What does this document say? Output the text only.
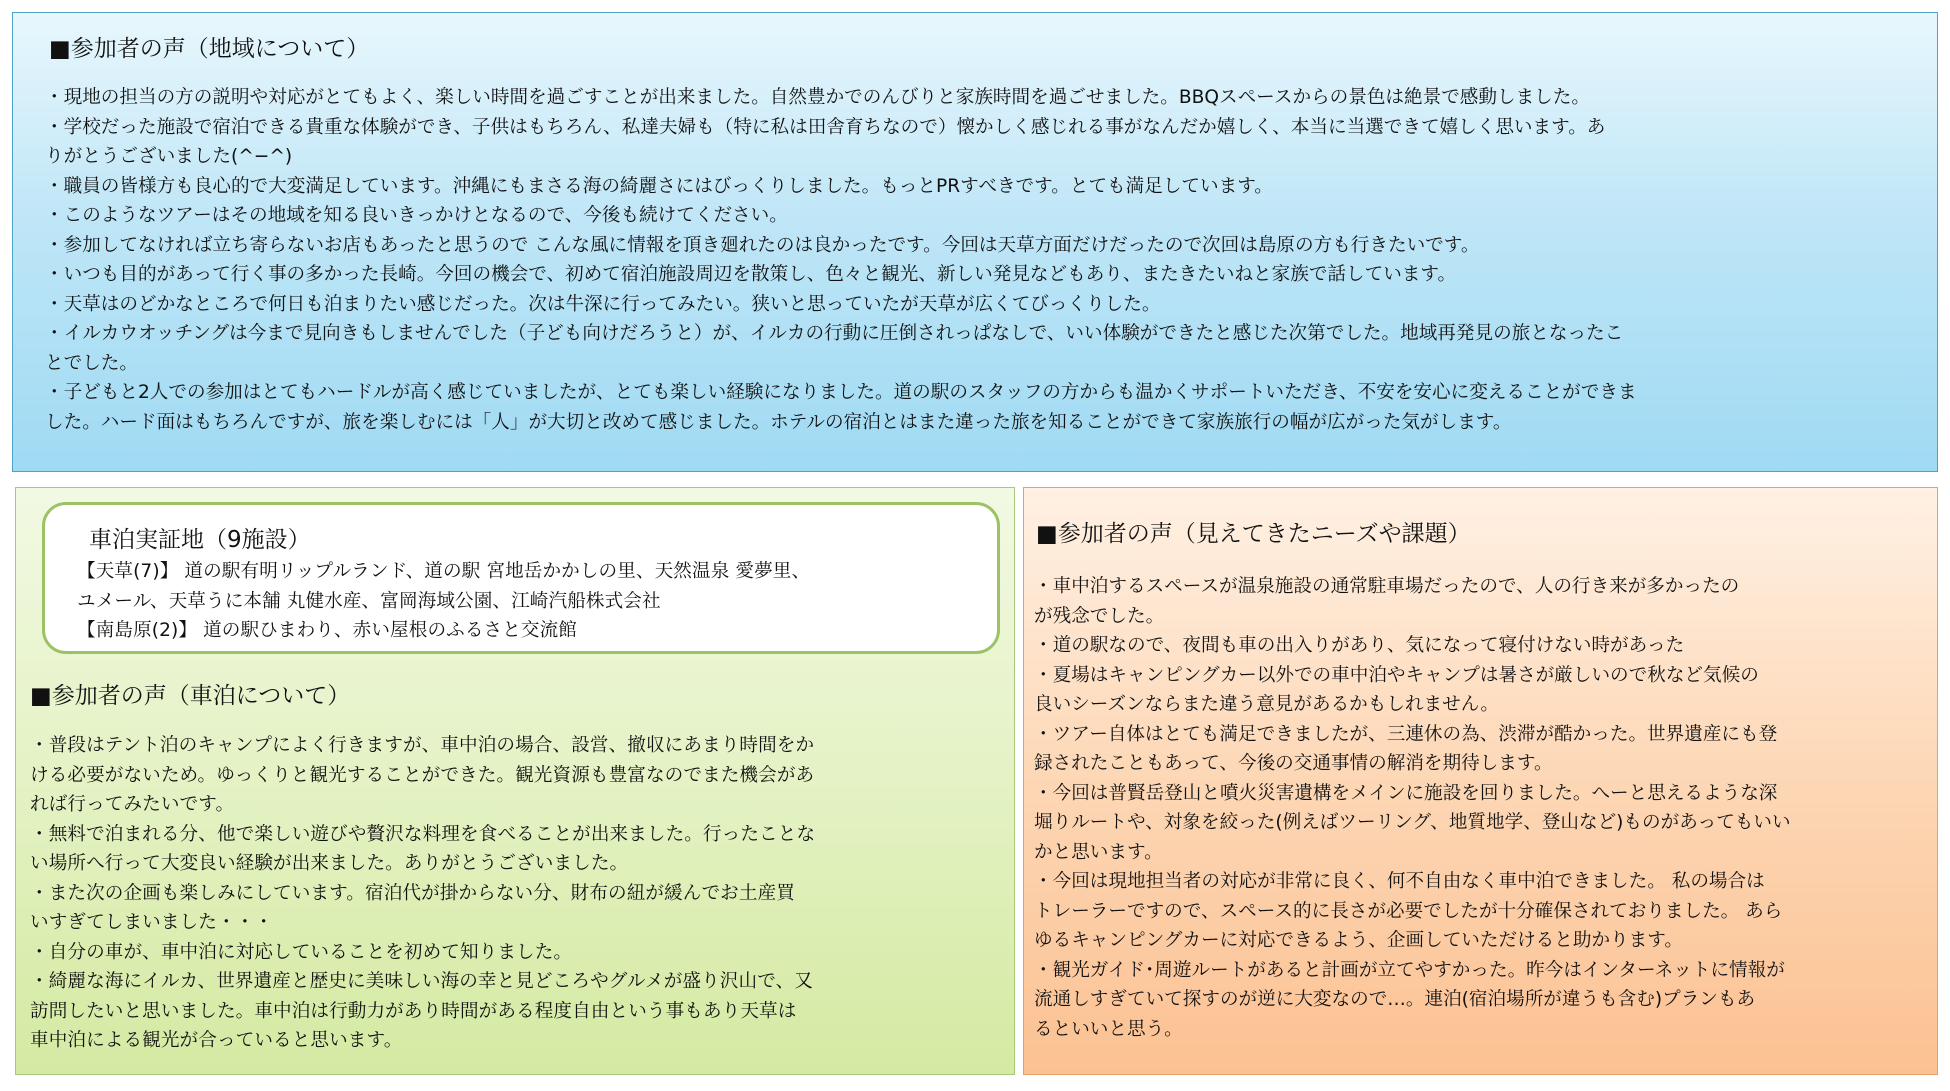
■参加者の声（地域について）
・現地の担当の方の説明や対応がとてもよく、楽しい時間を過ごすことが出来ました。自然豊かでのんびりと家族時間を過ごせました。BBQスペースからの景色は絶景で感動しました。
・学校だった施設で宿泊できる貴重な体験ができ、子供はもちろん、私達夫婦も（特に私は田舎育ちなので）懐かしく感じれる事がなんだか嬉しく、本当に当選できて嬉しく思います。あ
りがとうございました(^−^)
・職員の皆様方も良心的で大変満足しています。沖縄にもまさる海の綺麗さにはびっくりしました。もっとPRすべきです。とても満足しています。
・このようなツアーはその地域を知る良いきっかけとなるので、今後も続けてください。
・参加してなければ立ち寄らないお店もあったと思うので こんな風に情報を頂き廻れたのは良かったです。今回は天草方面だけだったので次回は島原の方も行きたいです。
・いつも目的があって行く事の多かった長崎。今回の機会で、初めて宿泊施設周辺を散策し、色々と観光、新しい発見などもあり、またきたいねと家族で話しています。
・天草はのどかなところで何日も泊まりたい感じだった。次は牛深に行ってみたい。狭いと思っていたが天草が広くてびっくりした。
・イルカウオッチングは今まで見向きもしませんでした（子ども向けだろうと）が、イルカの行動に圧倒されっぱなしで、いい体験ができたと感じた次第でした。地域再発見の旅となったこ
とでした。
・子どもと2人での参加はとてもハードルが高く感じていましたが、とても楽しい経験になりました。道の駅のスタッフの方からも温かくサポートいただき、不安を安心に変えることができま
した。ハード面はもちろんですが、旅を楽しむには「人」が大切と改めて感じました。ホテルの宿泊とはまた違った旅を知ることができて家族旅行の幅が広がった気がします。
車泊実証地（9施設）
【天草(7)】 道の駅有明リップルランド、道の駅 宮地岳かかしの里、天然温泉 愛夢里、
ユメール、天草うに本舗 丸健水産、富岡海域公園、江崎汽船株式会社
【南島原(2)】 道の駅ひまわり、赤い屋根のふるさと交流館
■参加者の声（車泊について）
・普段はテント泊のキャンプによく行きますが、車中泊の場合、設営、撤収にあまり時間をか
ける必要がないため。ゆっくりと観光することができた。観光資源も豊富なのでまた機会があ
れば行ってみたいです。
・無料で泊まれる分、他で楽しい遊びや贅沢な料理を食べることが出来ました。行ったことな
い場所へ行って大変良い経験が出来ました。ありがとうございました。
・また次の企画も楽しみにしています。宿泊代が掛からない分、財布の紐が緩んでお土産買
いすぎてしまいました・・・
・自分の車が、車中泊に対応していることを初めて知りました。
・綺麗な海にイルカ、世界遺産と歴史に美味しい海の幸と見どころやグルメが盛り沢山で、又
訪問したいと思いました。車中泊は行動力があり時間がある程度自由という事もあり天草は
車中泊による観光が合っていると思います。
■参加者の声（見えてきたニーズや課題）
・車中泊するスペースが温泉施設の通常駐車場だったので、人の行き来が多かったの
が残念でした。
・道の駅なので、夜間も車の出入りがあり、気になって寝付けない時があった
・夏場はキャンピングカー以外での車中泊やキャンプは暑さが厳しいので秋など気候の
良いシーズンならまた違う意見があるかもしれません。
・ツアー自体はとても満足できましたが、三連休の為、渋滞が酷かった。世界遺産にも登
録されたこともあって、今後の交通事情の解消を期待します。
・今回は普賢岳登山と噴火災害遺構をメインに施設を回りました。へーと思えるような深
堀りルートや、対象を絞った(例えばツーリング、地質地学、登山など)ものがあってもいい
かと思います。
・今回は現地担当者の対応が非常に良く、何不自由なく車中泊できました。 私の場合は
トレーラーですので、スペース的に長さが必要でしたが十分確保されておりました。 あら
ゆるキャンピングカーに対応できるよう、企画していただけると助かります。
・観光ガイド･周遊ルートがあると計画が立てやすかった。昨今はインターネットに情報が
流通しすぎていて探すのが逆に大変なので…。連泊(宿泊場所が違うも含む)プランもあ
るといいと思う。
